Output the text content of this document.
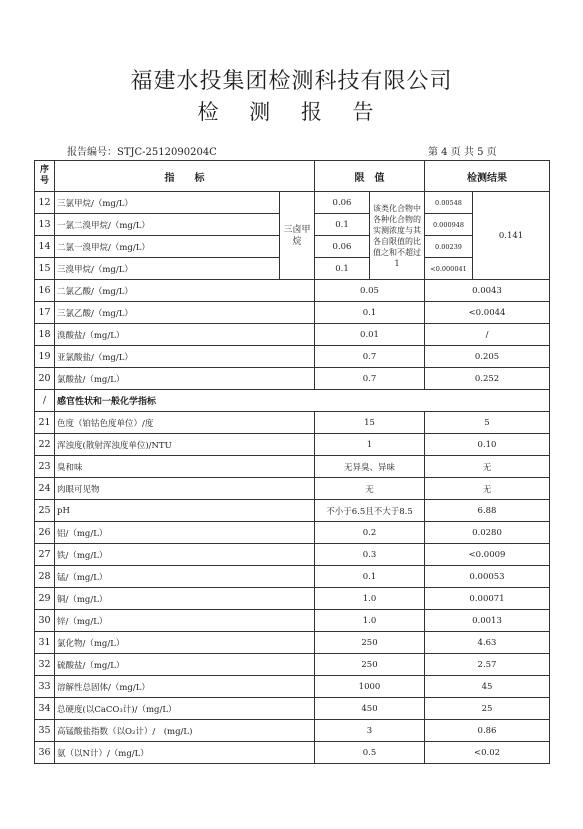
福建水投集团检测科技有限公司
检 测 报 告
报告编号：STJC-2512090204C	第 4 页 共 5 页
序
号	指　　标		限　值		检测结果	
12	三氯甲烷/（mg/L）	三卤甲烷	0.06	该类化合物中各种化合物的实测浓度与其各自限值的比值之和不超过1	0.00548	0.141
13	一氯二溴甲烷/（mg/L）		0.1		0.000948	
14	二氯一溴甲烷/（mg/L）		0.06		0.00239	
15	三溴甲烷/（mg/L）		0.1		<0.000041	
16	二氯乙酸/（mg/L）		0.05		0.0043	
17	三氯乙酸/（mg/L）		0.1		<0.0044	
18	溴酸盐/（mg/L）		0.01		/	
19	亚氯酸盐/（mg/L）		0.7		0.205	
20	氯酸盐/（mg/L）		0.7		0.252	
/	感官性状和一般化学指标					
21	色度（铂钴色度单位）/度		15		5	
22	浑浊度(散射浑浊度单位)/NTU		1		0.10	
23	臭和味		无异臭、异味		无	
24	肉眼可见物		无		无	
25	pH		不小于6.5且不大于8.5		6.88	
26	铝/（mg/L）		0.2		0.0280	
27	铁/（mg/L）		0.3		<0.0009	
28	锰/（mg/L）		0.1		0.00053	
29	铜/（mg/L）		1.0		0.00071	
30	锌/（mg/L）		1.0		0.0013	
31	氯化物/（mg/L）		250		4.63	
32	硫酸盐/（mg/L）		250		2.57	
33	溶解性总固体/（mg/L）		1000		45	
34	总硬度(以CaCO₃计)/（mg/L）		450		25	
35	高锰酸盐指数（以O₂计）/　(mg/L)		3		0.86	
36	氨（以N计）/（mg/L）		0.5		<0.02	
